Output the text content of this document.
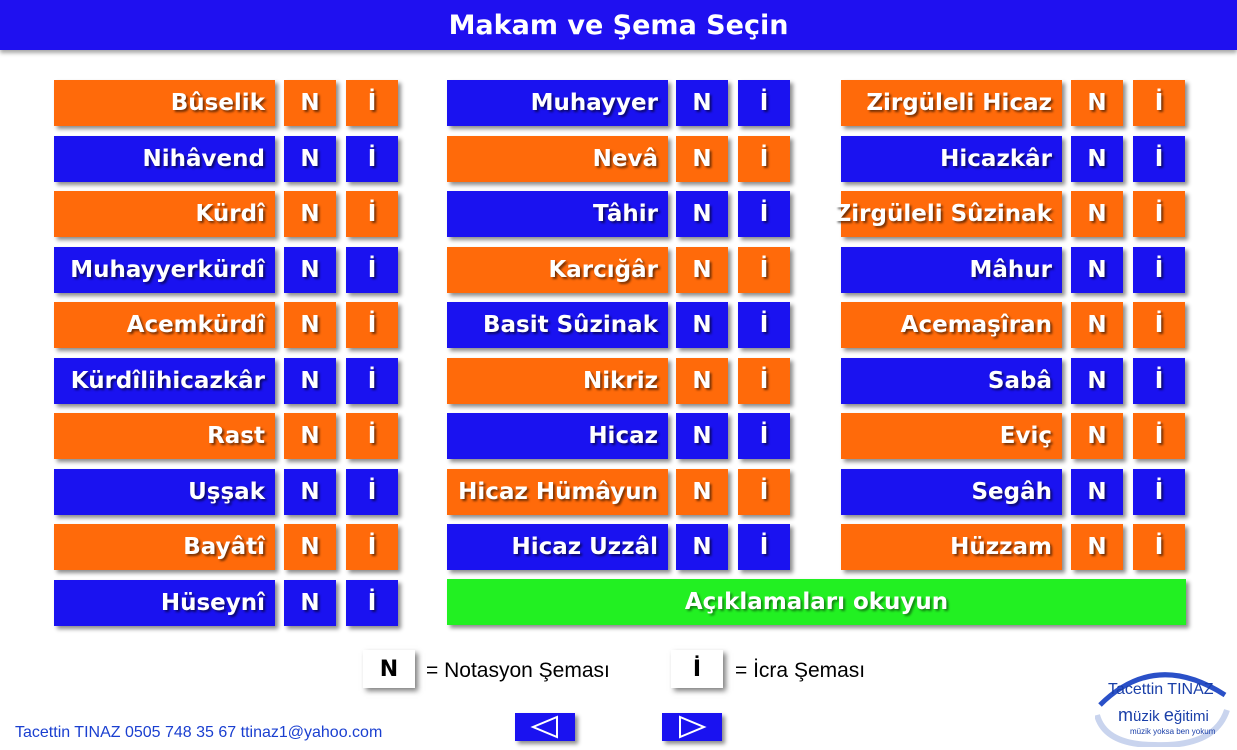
Makam ve Şema Seçin
Bûselik	N	İ
Nihâvend	N	İ
Kürdî	N	İ
Muhayyerkürdî	N	İ
Acemkürdî	N	İ
Kürdîlihicazkâr	N	İ
Rast	N	İ
Uşşak	N	İ
Bayâtî	N	İ
Hüseynî	N	İ
Muhayyer	N	İ
Nevâ	N	İ
Tâhir	N	İ
Karcığâr	N	İ
Basit Sûzinak	N	İ
Nikriz	N	İ
Hicaz	N	İ
Hicaz Hümâyun	N	İ
Hicaz Uzzâl	N	İ
Zirgüleli Hicaz	N	İ
Hicazkâr	N	İ
Zirgüleli Sûzinak	N	İ
Mâhur	N	İ
Acemaşîran	N	İ
Sabâ	N	İ
Eviç	N	İ
Segâh	N	İ
Hüzzam	N	İ
Açıklamaları okuyun
N	= Notasyon Şeması	İ	= İcra Şeması
Tacettin TINAZ 0505 748 35 67 ttinaz1@yahoo.com
Tacettin TINAZ
müzik eğitimi
müzik yoksa ben yokum
